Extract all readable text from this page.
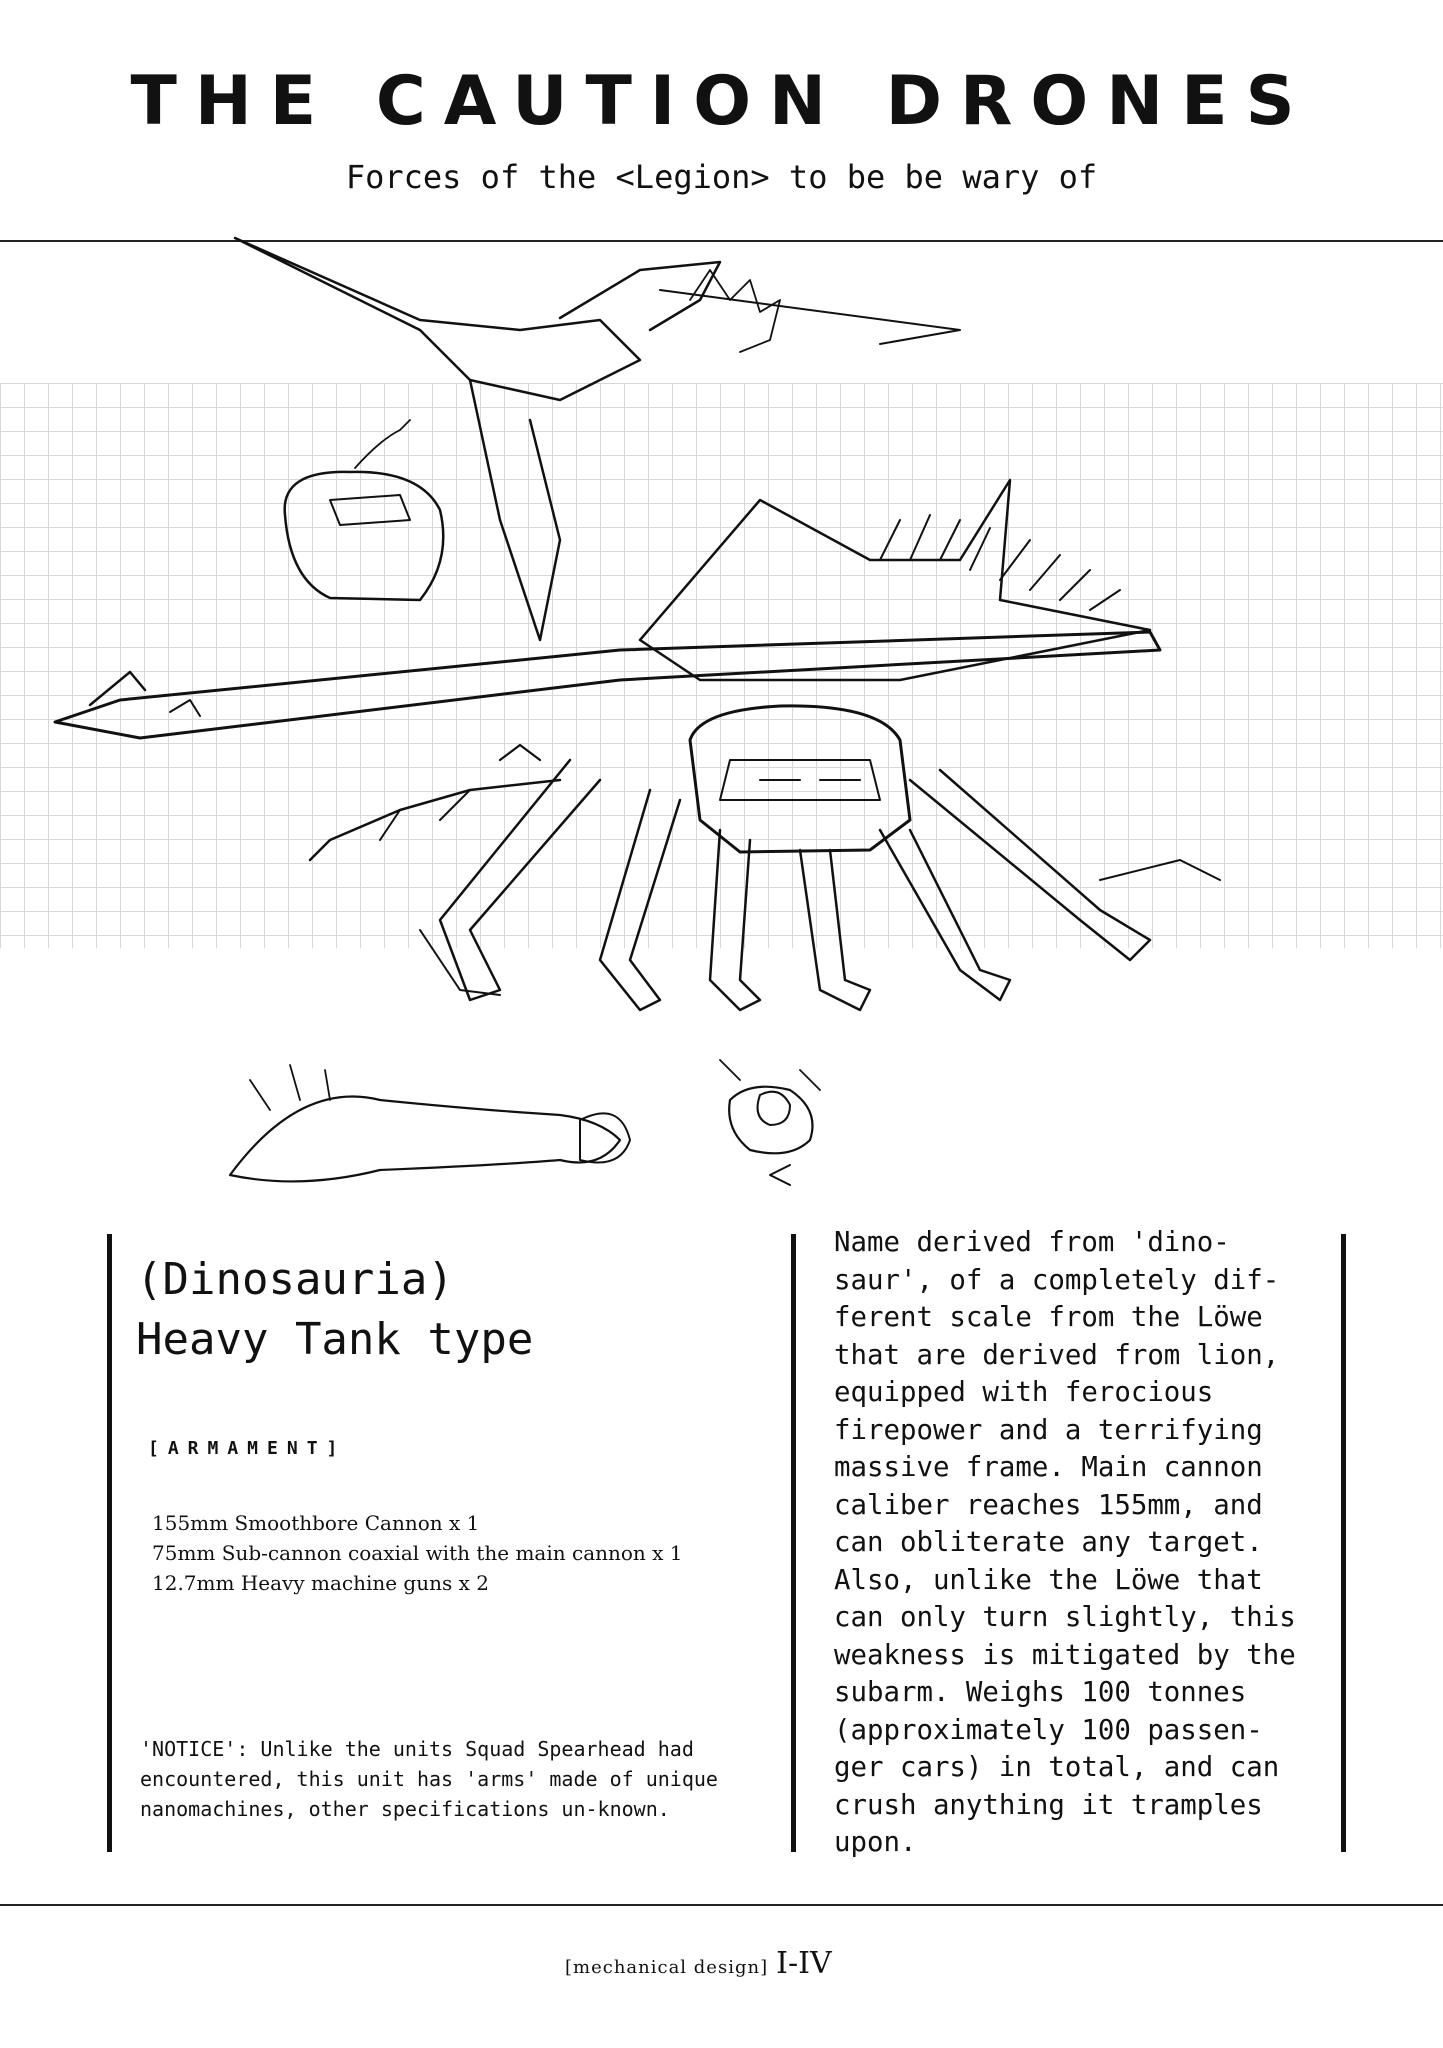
THE CAUTION DRONES

Forces of the <Legion> to be be wary of

(Dinosauria)
Heavy Tank type
[ARMAMENT]
155mm Smoothbore Cannon x 1
75mm Sub-cannon coaxial with the main cannon x 1
12.7mm Heavy machine guns x 2

'NOTICE': Unlike the units Squad Spearhead had encountered, this unit has 'arms' made of unique nanomachines, other specifications un-known.

Name derived from 'dino-
saur', of a completely dif-
ferent scale from the Löwe
that are derived from lion,
equipped with ferocious
firepower and a terrifying
massive frame. Main cannon
caliber reaches 155mm, and
can obliterate any target.
Also, unlike the Löwe that
can only turn slightly, this
weakness is mitigated by the
subarm. Weighs 100 tonnes
(approximately 100 passen-
ger cars) in total, and can
crush anything it tramples
upon.
[mechanical design] I-IV
